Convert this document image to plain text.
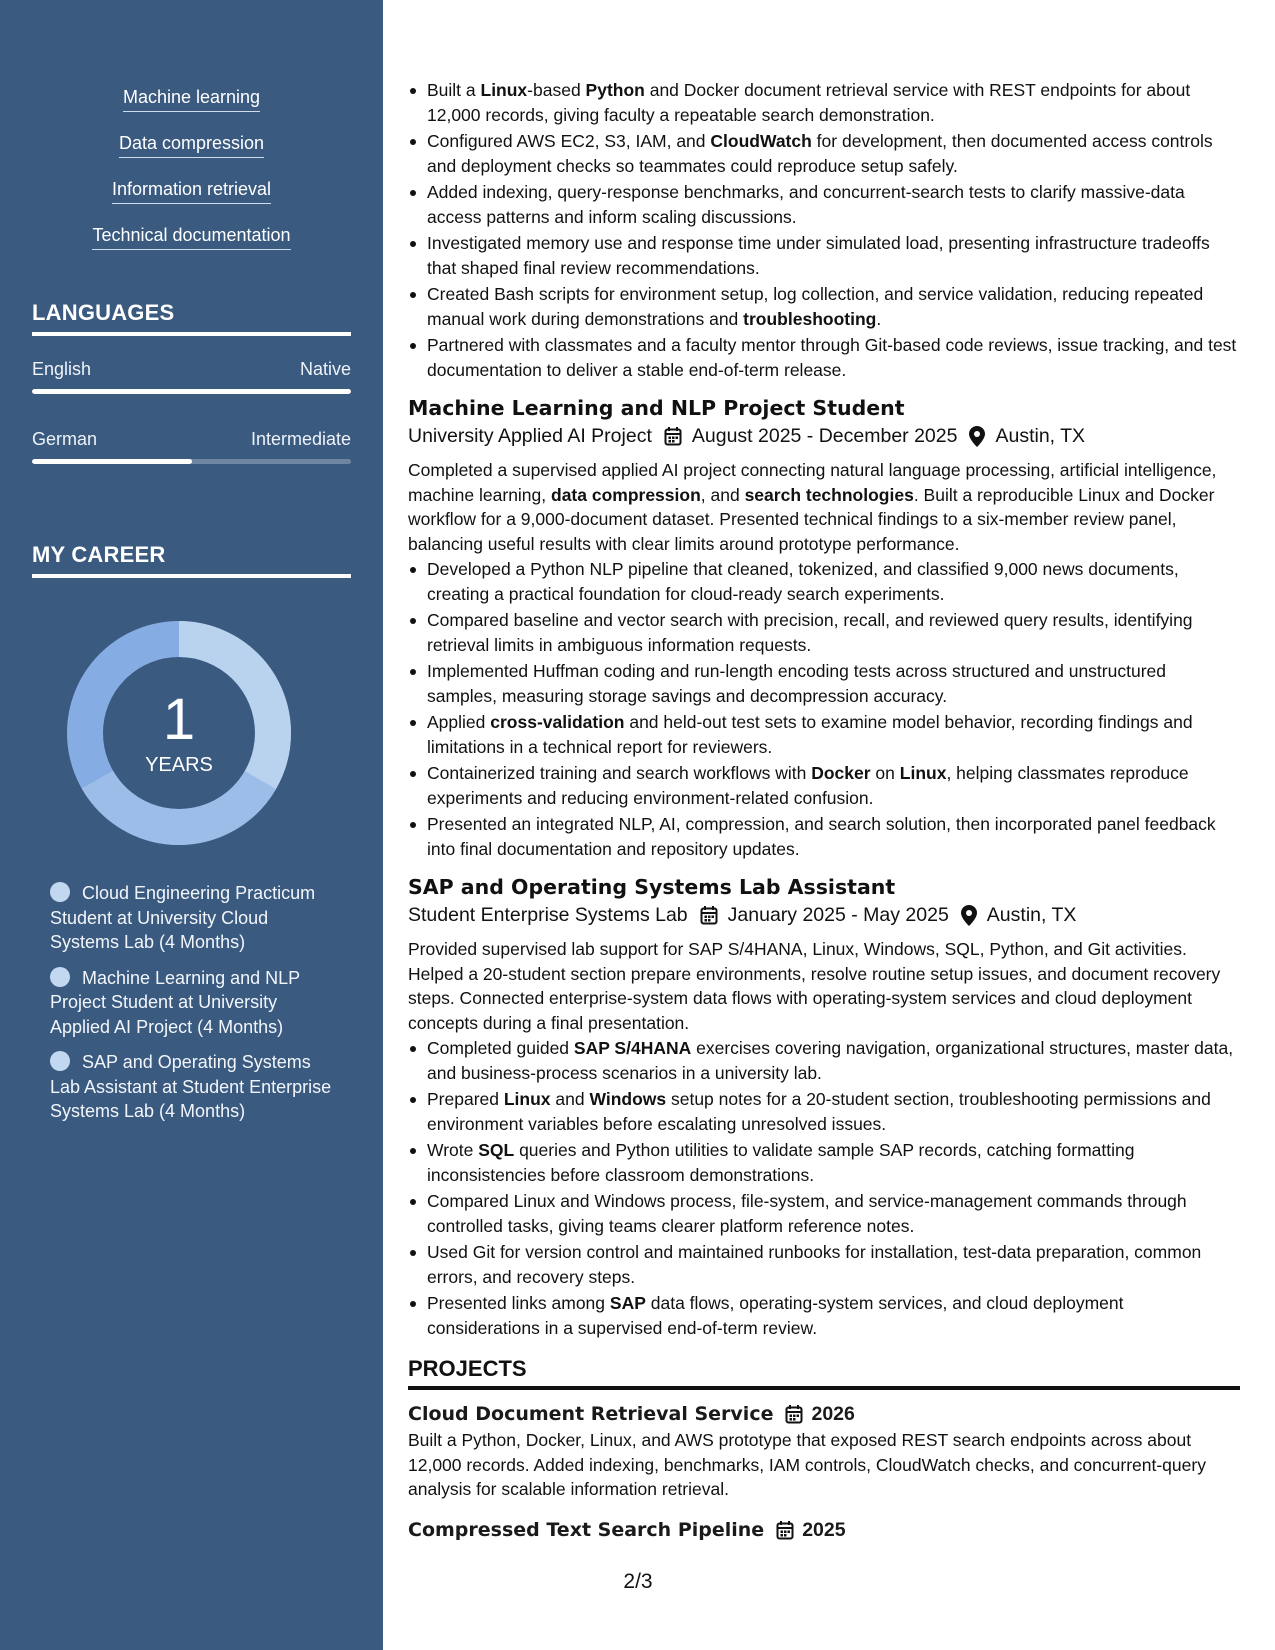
Machine learning
Data compression
Information retrieval
Technical documentation
LANGUAGES
English	Native
German	Intermediate
MY CAREER
1
YEARS
Cloud Engineering Practicum Student at University Cloud Systems Lab (4 Months)
Machine Learning and NLP Project Student at University Applied AI Project (4 Months)
SAP and Operating Systems Lab Assistant at Student Enterprise Systems Lab (4 Months)
Built a Linux-based Python and Docker document retrieval service with REST endpoints for about 12,000 records, giving faculty a repeatable search demonstration.
Configured AWS EC2, S3, IAM, and CloudWatch for development, then documented access controls and deployment checks so teammates could reproduce setup safely.
Added indexing, query-response benchmarks, and concurrent-search tests to clarify massive-data access patterns and inform scaling discussions.
Investigated memory use and response time under simulated load, presenting infrastructure tradeoffs that shaped final review recommendations.
Created Bash scripts for environment setup, log collection, and service validation, reducing repeated manual work during demonstrations and troubleshooting.
Partnered with classmates and a faculty mentor through Git-based code reviews, issue tracking, and test documentation to deliver a stable end-of-term release.
Machine Learning and NLP Project Student
University Applied AI Project August 2025 - December 2025 Austin, TX

Completed a supervised applied AI project connecting natural language processing, artificial intelligence, machine learning, data compression, and search technologies. Built a reproducible Linux and Docker workflow for a 9,000-document dataset. Presented technical findings to a six-member review panel, balancing useful results with clear limits around prototype performance.

Developed a Python NLP pipeline that cleaned, tokenized, and classified 9,000 news documents, creating a practical foundation for cloud-ready search experiments.
Compared baseline and vector search with precision, recall, and reviewed query results, identifying retrieval limits in ambiguous information requests.
Implemented Huffman coding and run-length encoding tests across structured and unstructured samples, measuring storage savings and decompression accuracy.
Applied cross-validation and held-out test sets to examine model behavior, recording findings and limitations in a technical report for reviewers.
Containerized training and search workflows with Docker on Linux, helping classmates reproduce experiments and reducing environment-related confusion.
Presented an integrated NLP, AI, compression, and search solution, then incorporated panel feedback into final documentation and repository updates.
SAP and Operating Systems Lab Assistant
Student Enterprise Systems Lab January 2025 - May 2025 Austin, TX

Provided supervised lab support for SAP S/4HANA, Linux, Windows, SQL, Python, and Git activities. Helped a 20-student section prepare environments, resolve routine setup issues, and document recovery steps. Connected enterprise-system data flows with operating-system services and cloud deployment concepts during a final presentation.

Completed guided SAP S/4HANA exercises covering navigation, organizational structures, master data, and business-process scenarios in a university lab.
Prepared Linux and Windows setup notes for a 20-student section, troubleshooting permissions and environment variables before escalating unresolved issues.
Wrote SQL queries and Python utilities to validate sample SAP records, catching formatting inconsistencies before classroom demonstrations.
Compared Linux and Windows process, file-system, and service-management commands through controlled tasks, giving teams clearer platform reference notes.
Used Git for version control and maintained runbooks for installation, test-data preparation, common errors, and recovery steps.
Presented links among SAP data flows, operating-system services, and cloud deployment considerations in a supervised end-of-term review.
PROJECTS
Cloud Document Retrieval Service 2026

Built a Python, Docker, Linux, and AWS prototype that exposed REST search endpoints across about 12,000 records. Added indexing, benchmarks, IAM controls, CloudWatch checks, and concurrent-query analysis for scalable information retrieval.

Compressed Text Search Pipeline 2025
2/3
